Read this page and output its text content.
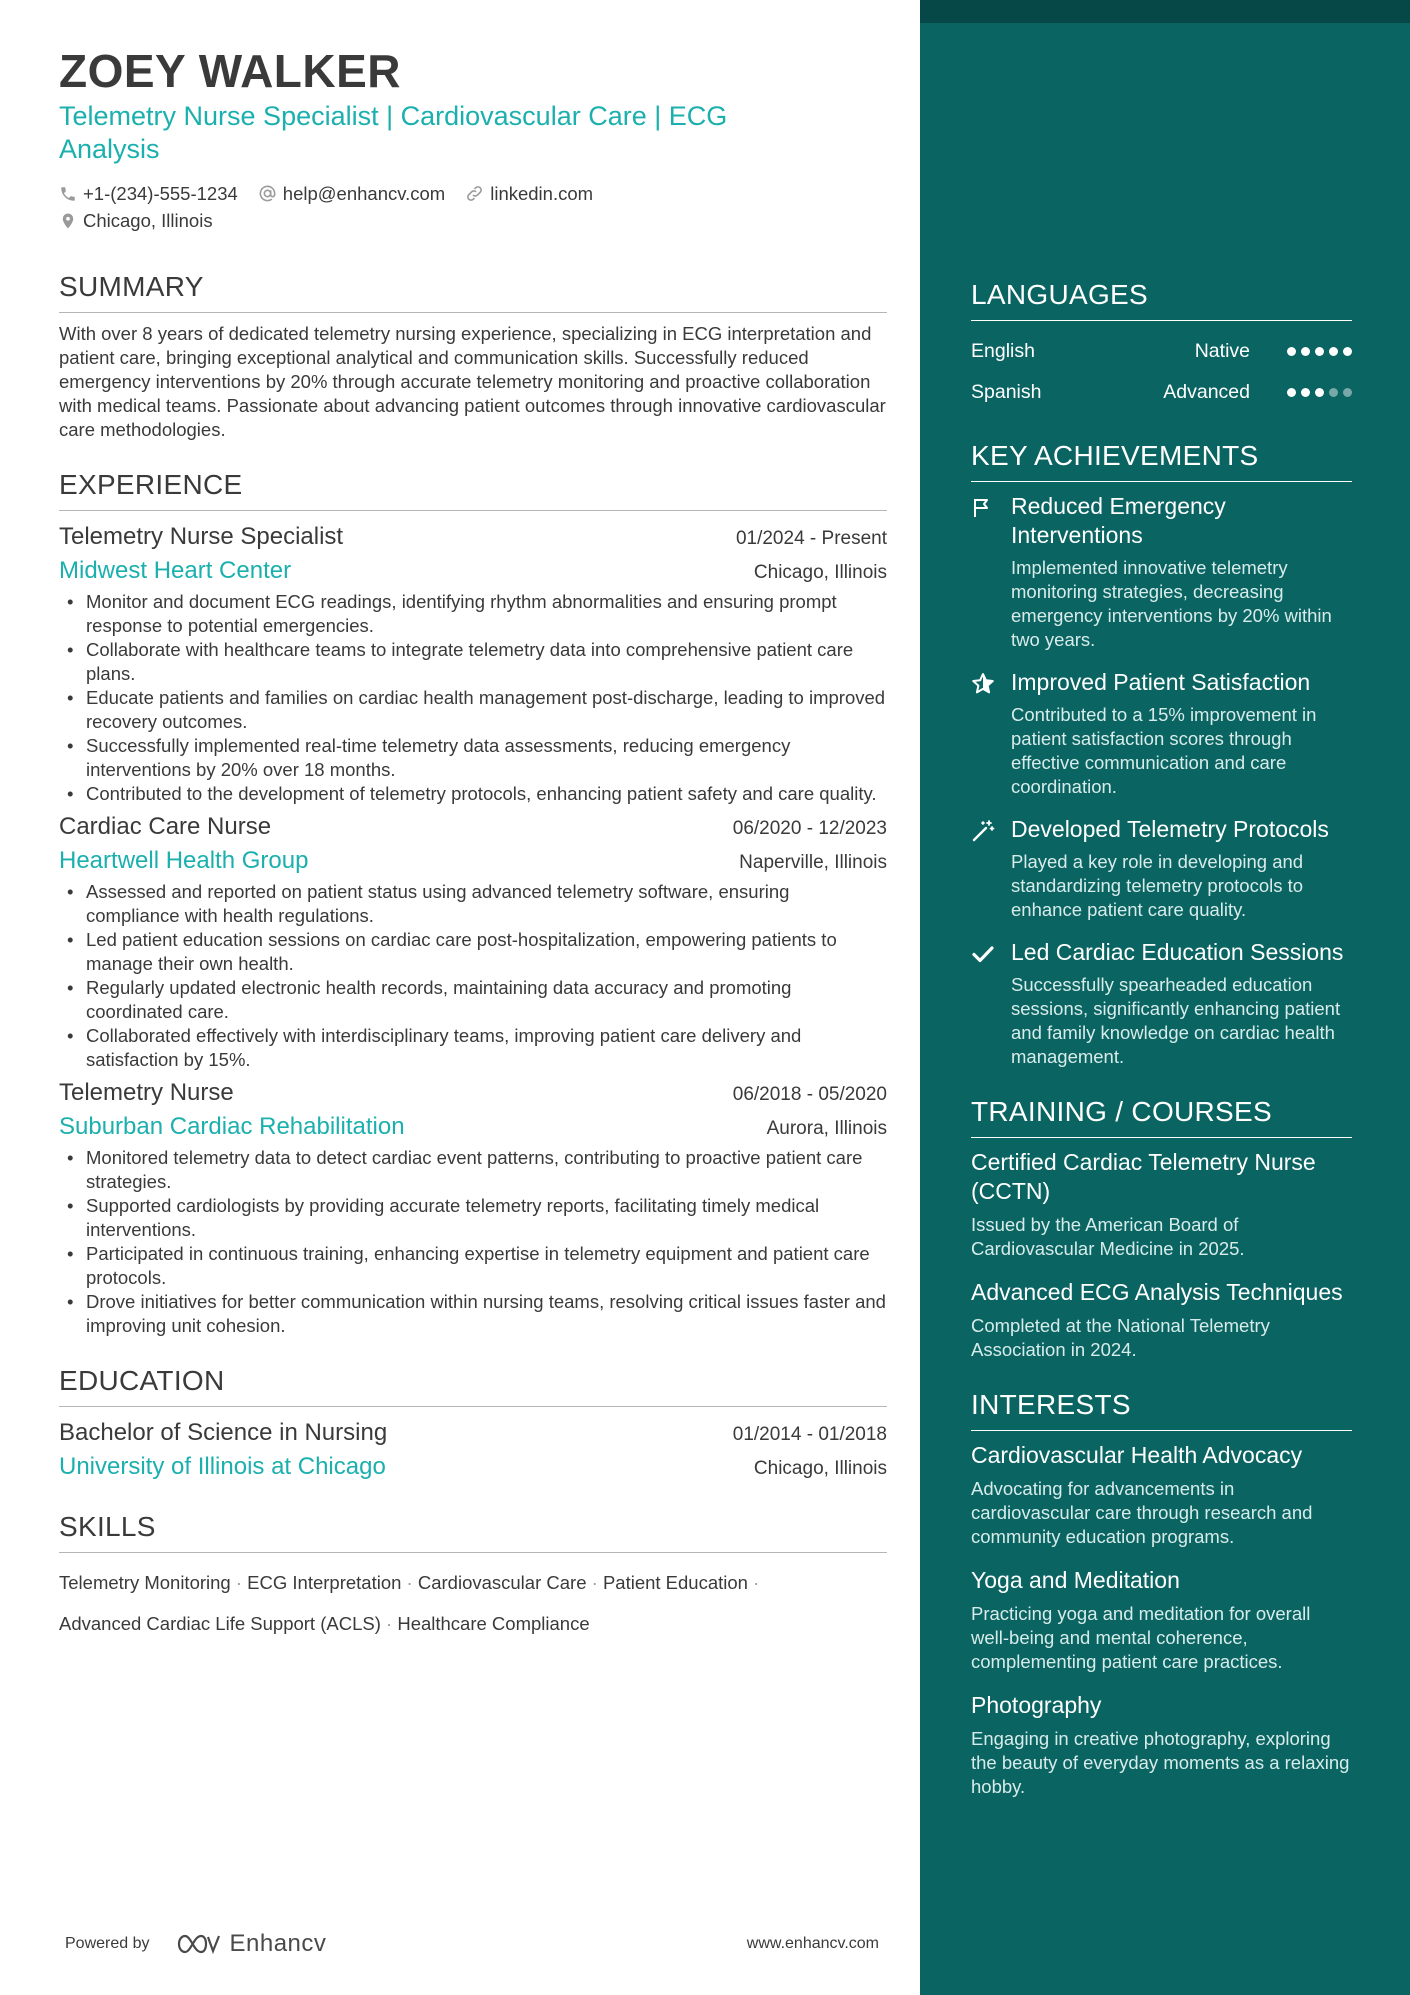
ZOEY WALKER
Telemetry Nurse Specialist | Cardiovascular Care | ECG Analysis
+1-(234)-555-1234 help@enhancv.com linkedin.com
Chicago, Illinois
SUMMARY

With over 8 years of dedicated telemetry nursing experience, specializing in ECG interpretation and patient care, bringing exceptional analytical and communication skills. Successfully reduced emergency interventions by 20% through accurate telemetry monitoring and proactive collaboration with medical teams. Passionate about advancing patient outcomes through innovative cardiovascular care methodologies.

EXPERIENCE
Telemetry Nurse Specialist	01/2024 - Present
Midwest Heart Center	Chicago, Illinois
• Monitor and document ECG readings, identifying rhythm abnormalities and ensuring prompt response to potential emergencies.
• Collaborate with healthcare teams to integrate telemetry data into comprehensive patient care plans.
• Educate patients and families on cardiac health management post-discharge, leading to improved recovery outcomes.
• Successfully implemented real-time telemetry data assessments, reducing emergency interventions by 20% over 18 months.
• Contributed to the development of telemetry protocols, enhancing patient safety and care quality.
Cardiac Care Nurse	06/2020 - 12/2023
Heartwell Health Group	Naperville, Illinois
• Assessed and reported on patient status using advanced telemetry software, ensuring compliance with health regulations.
• Led patient education sessions on cardiac care post-hospitalization, empowering patients to manage their own health.
• Regularly updated electronic health records, maintaining data accuracy and promoting coordinated care.
• Collaborated effectively with interdisciplinary teams, improving patient care delivery and satisfaction by 15%.
Telemetry Nurse	06/2018 - 05/2020
Suburban Cardiac Rehabilitation	Aurora, Illinois
• Monitored telemetry data to detect cardiac event patterns, contributing to proactive patient care strategies.
• Supported cardiologists by providing accurate telemetry reports, facilitating timely medical interventions.
• Participated in continuous training, enhancing expertise in telemetry equipment and patient care protocols.
• Drove initiatives for better communication within nursing teams, resolving critical issues faster and improving unit cohesion.
EDUCATION
Bachelor of Science in Nursing	01/2014 - 01/2018
University of Illinois at Chicago	Chicago, Illinois
SKILLS
Telemetry Monitoring · ECG Interpretation · Cardiovascular Care · Patient Education ·
Advanced Cardiac Life Support (ACLS) · Healthcare Compliance
Powered by	Enhancv	www.enhancv.com
LANGUAGES
English	Native
Spanish	Advanced
KEY ACHIEVEMENTS
Reduced Emergency Interventions
Implemented innovative telemetry monitoring strategies, decreasing emergency interventions by 20% within two years.
Improved Patient Satisfaction
Contributed to a 15% improvement in patient satisfaction scores through effective communication and care coordination.
Developed Telemetry Protocols
Played a key role in developing and standardizing telemetry protocols to enhance patient care quality.
Led Cardiac Education Sessions
Successfully spearheaded education sessions, significantly enhancing patient and family knowledge on cardiac health management.
TRAINING / COURSES
Certified Cardiac Telemetry Nurse (CCTN)
Issued by the American Board of Cardiovascular Medicine in 2025.
Advanced ECG Analysis Techniques
Completed at the National Telemetry Association in 2024.
INTERESTS
Cardiovascular Health Advocacy
Advocating for advancements in cardiovascular care through research and community education programs.
Yoga and Meditation
Practicing yoga and meditation for overall well-being and mental coherence, complementing patient care practices.
Photography
Engaging in creative photography, exploring the beauty of everyday moments as a relaxing hobby.
